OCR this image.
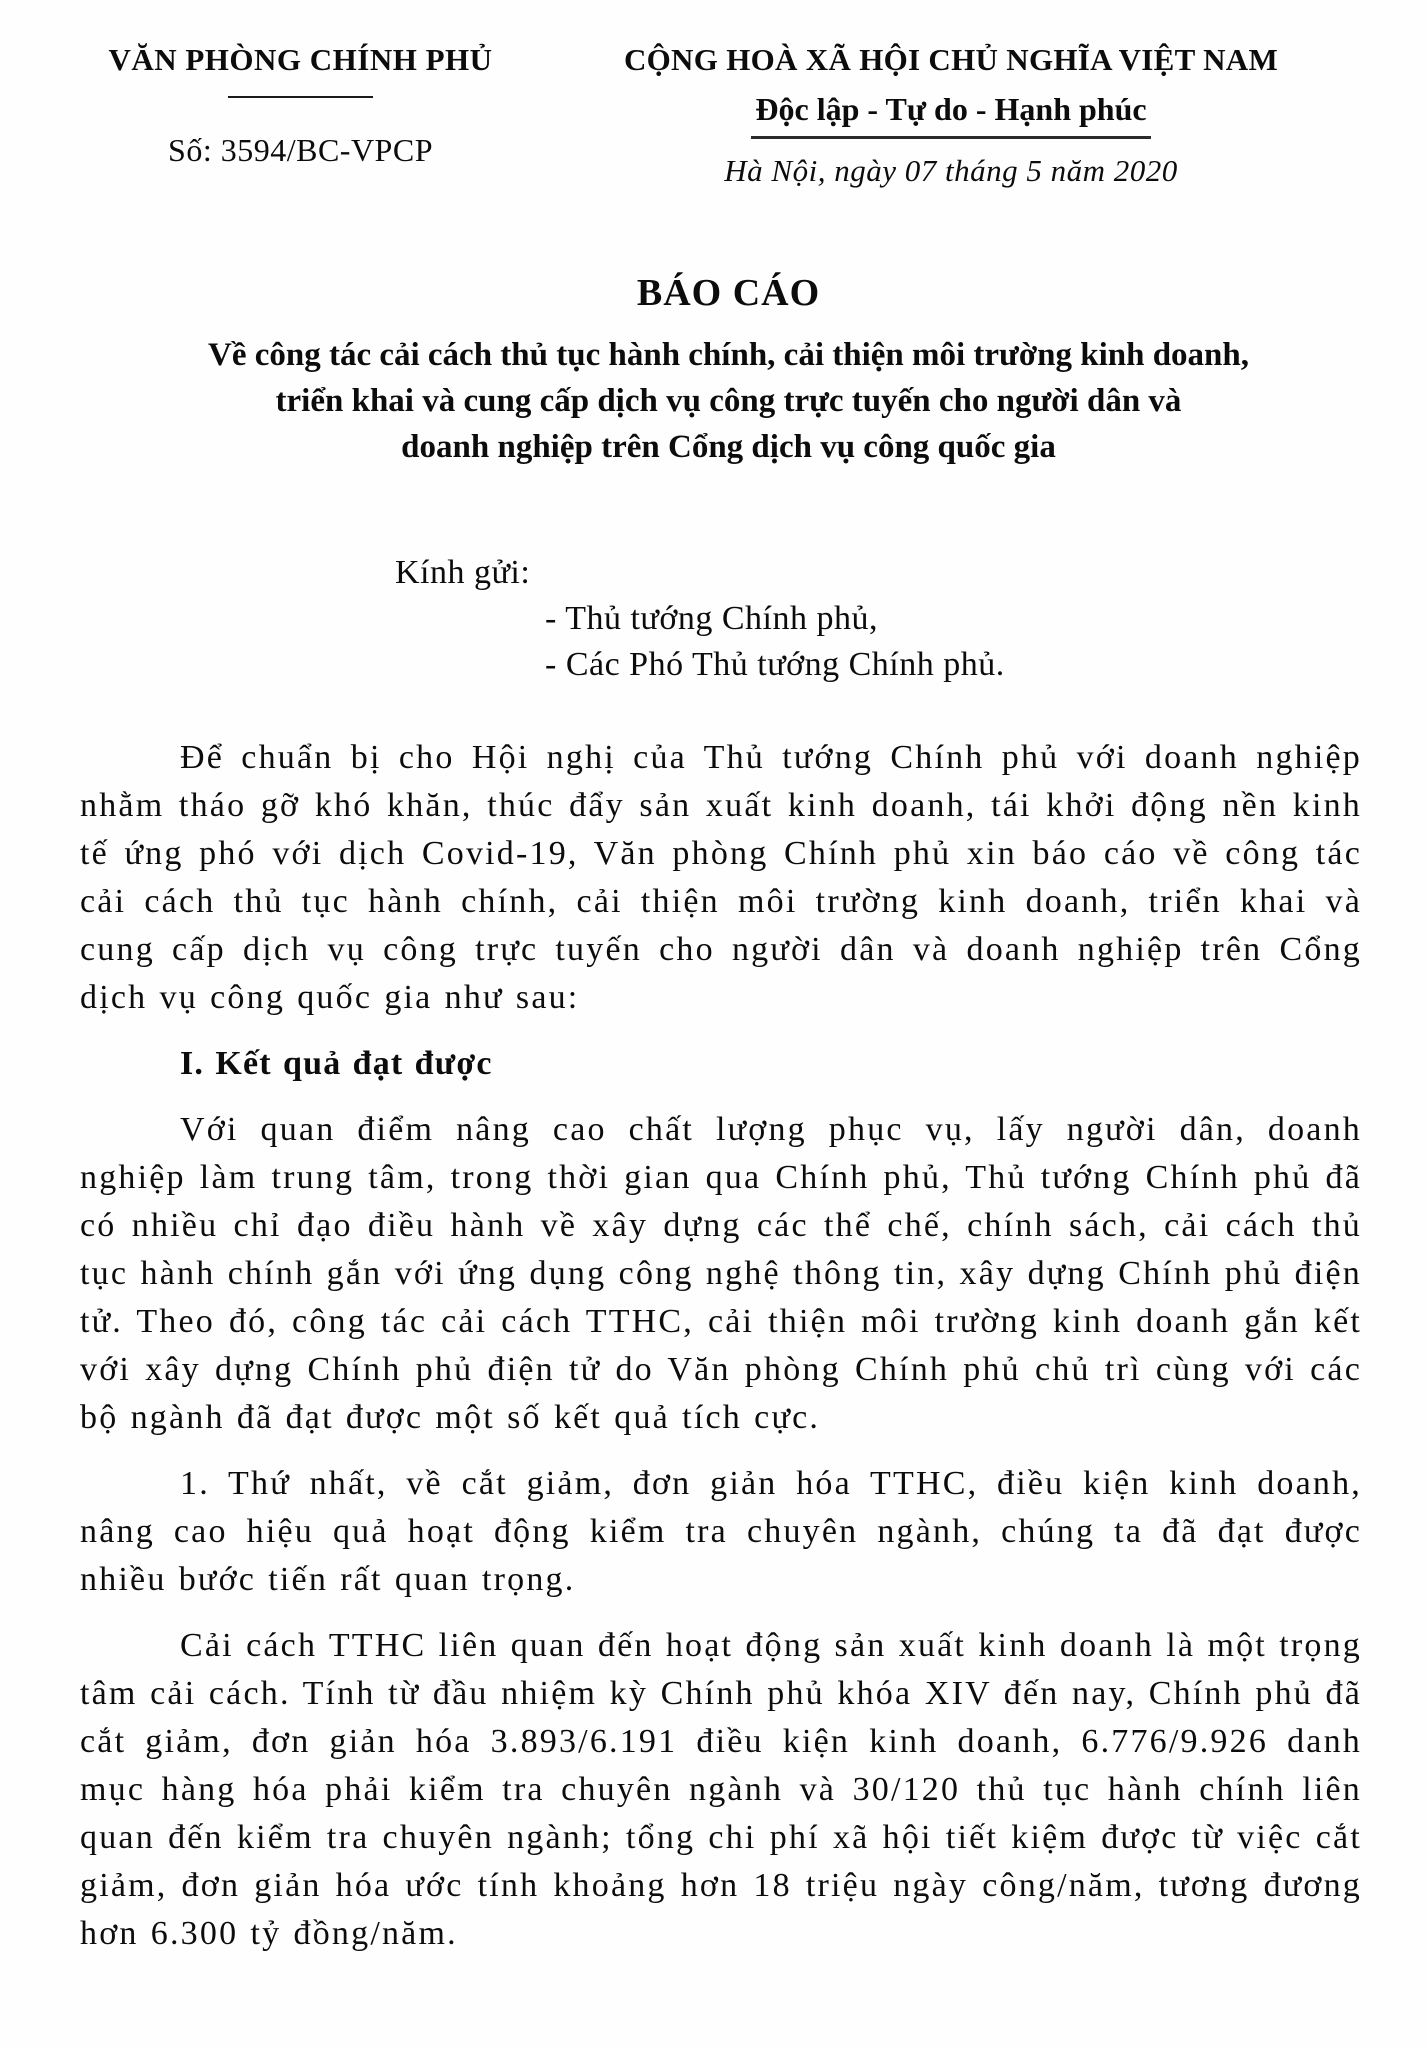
VĂN PHÒNG CHÍNH PHỦ
Số: 3594/BC-VPCP
CỘNG HOÀ XÃ HỘI CHỦ NGHĨA VIỆT NAM
Độc lập - Tự do - Hạnh phúc
Hà Nội, ngày 07 tháng 5 năm 2020
BÁO CÁO
Về công tác cải cách thủ tục hành chính, cải thiện môi trường kinh doanh,
triển khai và cung cấp dịch vụ công trực tuyến cho người dân và
doanh nghiệp trên Cổng dịch vụ công quốc gia
Kính gửi:
- Thủ tướng Chính phủ,
- Các Phó Thủ tướng Chính phủ.

Để chuẩn bị cho Hội nghị của Thủ tướng Chính phủ với doanh nghiệp nhằm tháo gỡ khó khăn, thúc đẩy sản xuất kinh doanh, tái khởi động nền kinh tế ứng phó với dịch Covid-19, Văn phòng Chính phủ xin báo cáo về công tác cải cách thủ tục hành chính, cải thiện môi trường kinh doanh, triển khai và cung cấp dịch vụ công trực tuyến cho người dân và doanh nghiệp trên Cổng dịch vụ công quốc gia như sau:

I. Kết quả đạt được

Với quan điểm nâng cao chất lượng phục vụ, lấy người dân, doanh nghiệp làm trung tâm, trong thời gian qua Chính phủ, Thủ tướng Chính phủ đã có nhiều chỉ đạo điều hành về xây dựng các thể chế, chính sách, cải cách thủ tục hành chính gắn với ứng dụng công nghệ thông tin, xây dựng Chính phủ điện tử. Theo đó, công tác cải cách TTHC, cải thiện môi trường kinh doanh gắn kết với xây dựng Chính phủ điện tử do Văn phòng Chính phủ chủ trì cùng với các bộ ngành đã đạt được một số kết quả tích cực.

1. Thứ nhất, về cắt giảm, đơn giản hóa TTHC, điều kiện kinh doanh, nâng cao hiệu quả hoạt động kiểm tra chuyên ngành, chúng ta đã đạt được nhiều bước tiến rất quan trọng.

Cải cách TTHC liên quan đến hoạt động sản xuất kinh doanh là một trọng tâm cải cách. Tính từ đầu nhiệm kỳ Chính phủ khóa XIV đến nay, Chính phủ đã cắt giảm, đơn giản hóa 3.893/6.191 điều kiện kinh doanh, 6.776/9.926 danh mục hàng hóa phải kiểm tra chuyên ngành và 30/120 thủ tục hành chính liên quan đến kiểm tra chuyên ngành; tổng chi phí xã hội tiết kiệm được từ việc cắt giảm, đơn giản hóa ước tính khoảng hơn 18 triệu ngày công/năm, tương đương hơn 6.300 tỷ đồng/năm.
